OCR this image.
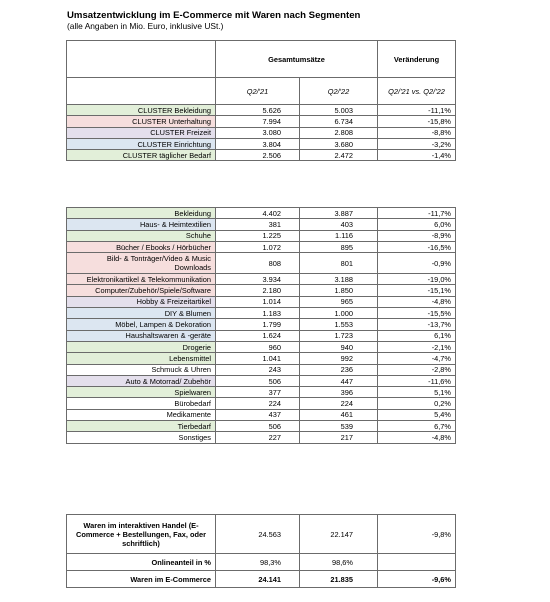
Umsatzentwicklung im E-Commerce mit Waren nach Segmenten
(alle Angaben in Mio. Euro, inklusive USt.)
	Gesamtumsätze		Veränderung
	Q2/'21	Q2/'22	Q2/'21 vs. Q2/'22
CLUSTER Bekleidung	5.626	5.003	-11,1%
CLUSTER Unterhaltung	7.994	6.734	-15,8%
CLUSTER Freizeit	3.080	2.808	-8,8%
CLUSTER Einrichtung	3.804	3.680	-3,2%
CLUSTER täglicher Bedarf	2.506	2.472	-1,4%
Bekleidung	4.402	3.887	-11,7%
Haus- & Heimtextilien	381	403	6,0%
Schuhe	1.225	1.116	-8,9%
Bücher / Ebooks / Hörbücher	1.072	895	-16,5%
Bild- & Tonträger/Video & Music Downloads	808	801	-0,9%
Elektronikartikel & Telekommunikation	3.934	3.188	-19,0%
Computer/Zubehör/Spiele/Software	2.180	1.850	-15,1%
Hobby & Freizeitartikel	1.014	965	-4,8%
DIY & Blumen	1.183	1.000	-15,5%
Möbel, Lampen & Dekoration	1.799	1.553	-13,7%
Haushaltswaren & -geräte	1.624	1.723	6,1%
Drogerie	960	940	-2,1%
Lebensmittel	1.041	992	-4,7%
Schmuck & Uhren	243	236	-2,8%
Auto & Motorrad/ Zubehör	506	447	-11,6%
Spielwaren	377	396	5,1%
Bürobedarf	224	224	0,2%
Medikamente	437	461	5,4%
Tierbedarf	506	539	6,7%
Sonstiges	227	217	-4,8%
Waren im interaktiven Handel (E-Commerce + Bestellungen, Fax, oder schriftlich)	24.563	22.147	-9,8%
Onlineanteil in %	98,3%	98,6%	
Waren im E-Commerce	24.141	21.835	-9,6%
